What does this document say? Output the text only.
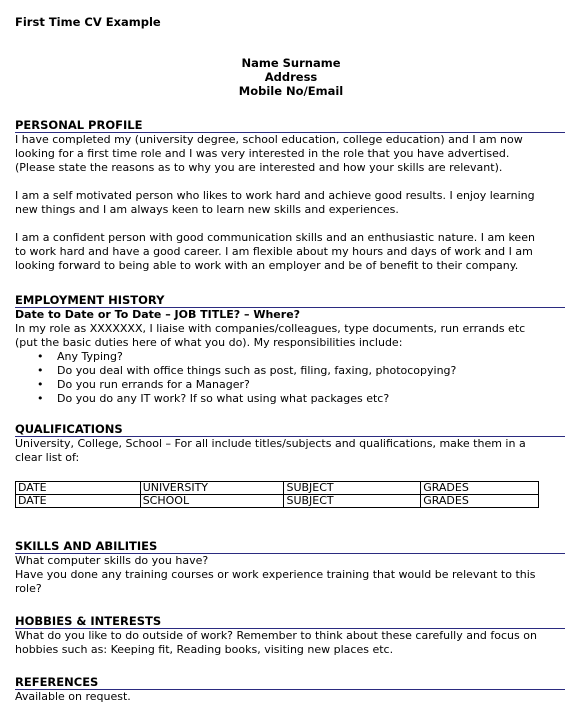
First Time CV Example
Name Surname
Address
Mobile No/Email
PERSONAL PROFILE
I have completed my (university degree, school education, college education) and I am now
looking for a first time role and I was very interested in the role that you have advertised.
(Please state the reasons as to why you are interested and how your skills are relevant).
I am a self motivated person who likes to work hard and achieve good results. I enjoy learning
new things and I am always keen to learn new skills and experiences.
I am a confident person with good communication skills and an enthusiastic nature. I am keen
to work hard and have a good career. I am flexible about my hours and days of work and I am
looking forward to being able to work with an employer and be of benefit to their company.
EMPLOYMENT HISTORY
Date to Date or To Date – JOB TITLE? – Where?
In my role as XXXXXXX, I liaise with companies/colleagues, type documents, run errands etc
(put the basic duties here of what you do). My responsibilities include:
• Any Typing?
• Do you deal with office things such as post, filing, faxing, photocopying?
• Do you run errands for a Manager?
• Do you do any IT work? If so what using what packages etc?
QUALIFICATIONS
University, College, School – For all include titles/subjects and qualifications, make them in a
clear list of:
DATE	UNIVERSITY	SUBJECT	GRADES
DATE	SCHOOL	SUBJECT	GRADES
SKILLS AND ABILITIES
What computer skills do you have?
Have you done any training courses or work experience training that would be relevant to this
role?
HOBBIES & INTERESTS
What do you like to do outside of work? Remember to think about these carefully and focus on
hobbies such as: Keeping fit, Reading books, visiting new places etc.
REFERENCES
Available on request.
